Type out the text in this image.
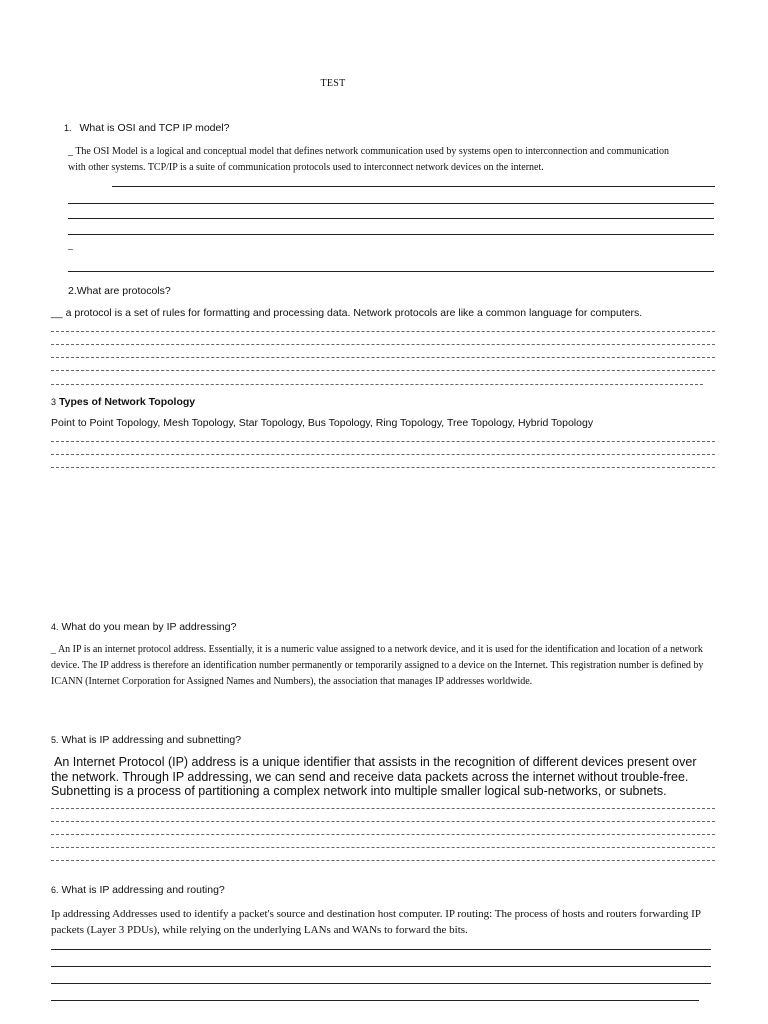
TEST
1. What is OSI and TCP IP model?
_ The OSI Model is a logical and conceptual model that defines network communication used by systems open to interconnection and communication with other systems. TCP/IP is a suite of communication protocols used to interconnect network devices on the internet.
_
2.What are protocols?
__ a protocol is a set of rules for formatting and processing data. Network protocols are like a common language for computers.
3 Types of Network Topology
Point to Point Topology, Mesh Topology, Star Topology, Bus Topology, Ring Topology, Tree Topology, Hybrid Topology
4. What do you mean by IP addressing?
_ An IP is an internet protocol address. Essentially, it is a numeric value assigned to a network device, and it is used for the identification and location of a network device. The IP address is therefore an identification number permanently or temporarily assigned to a device on the Internet. This registration number is defined by ICANN (Internet Corporation for Assigned Names and Numbers), the association that manages IP addresses worldwide.
5. What is IP addressing and subnetting?
An Internet Protocol (IP) address is a unique identifier that assists in the recognition of different devices present over the network. Through IP addressing, we can send and receive data packets across the internet without trouble-free.
Subnetting is a process of partitioning a complex network into multiple smaller logical sub-networks, or subnets.
6. What is IP addressing and routing?
Ip addressing Addresses used to identify a packet's source and destination host computer. IP routing: The process of hosts and routers forwarding IP packets (Layer 3 PDUs), while relying on the underlying LANs and WANs to forward the bits.
